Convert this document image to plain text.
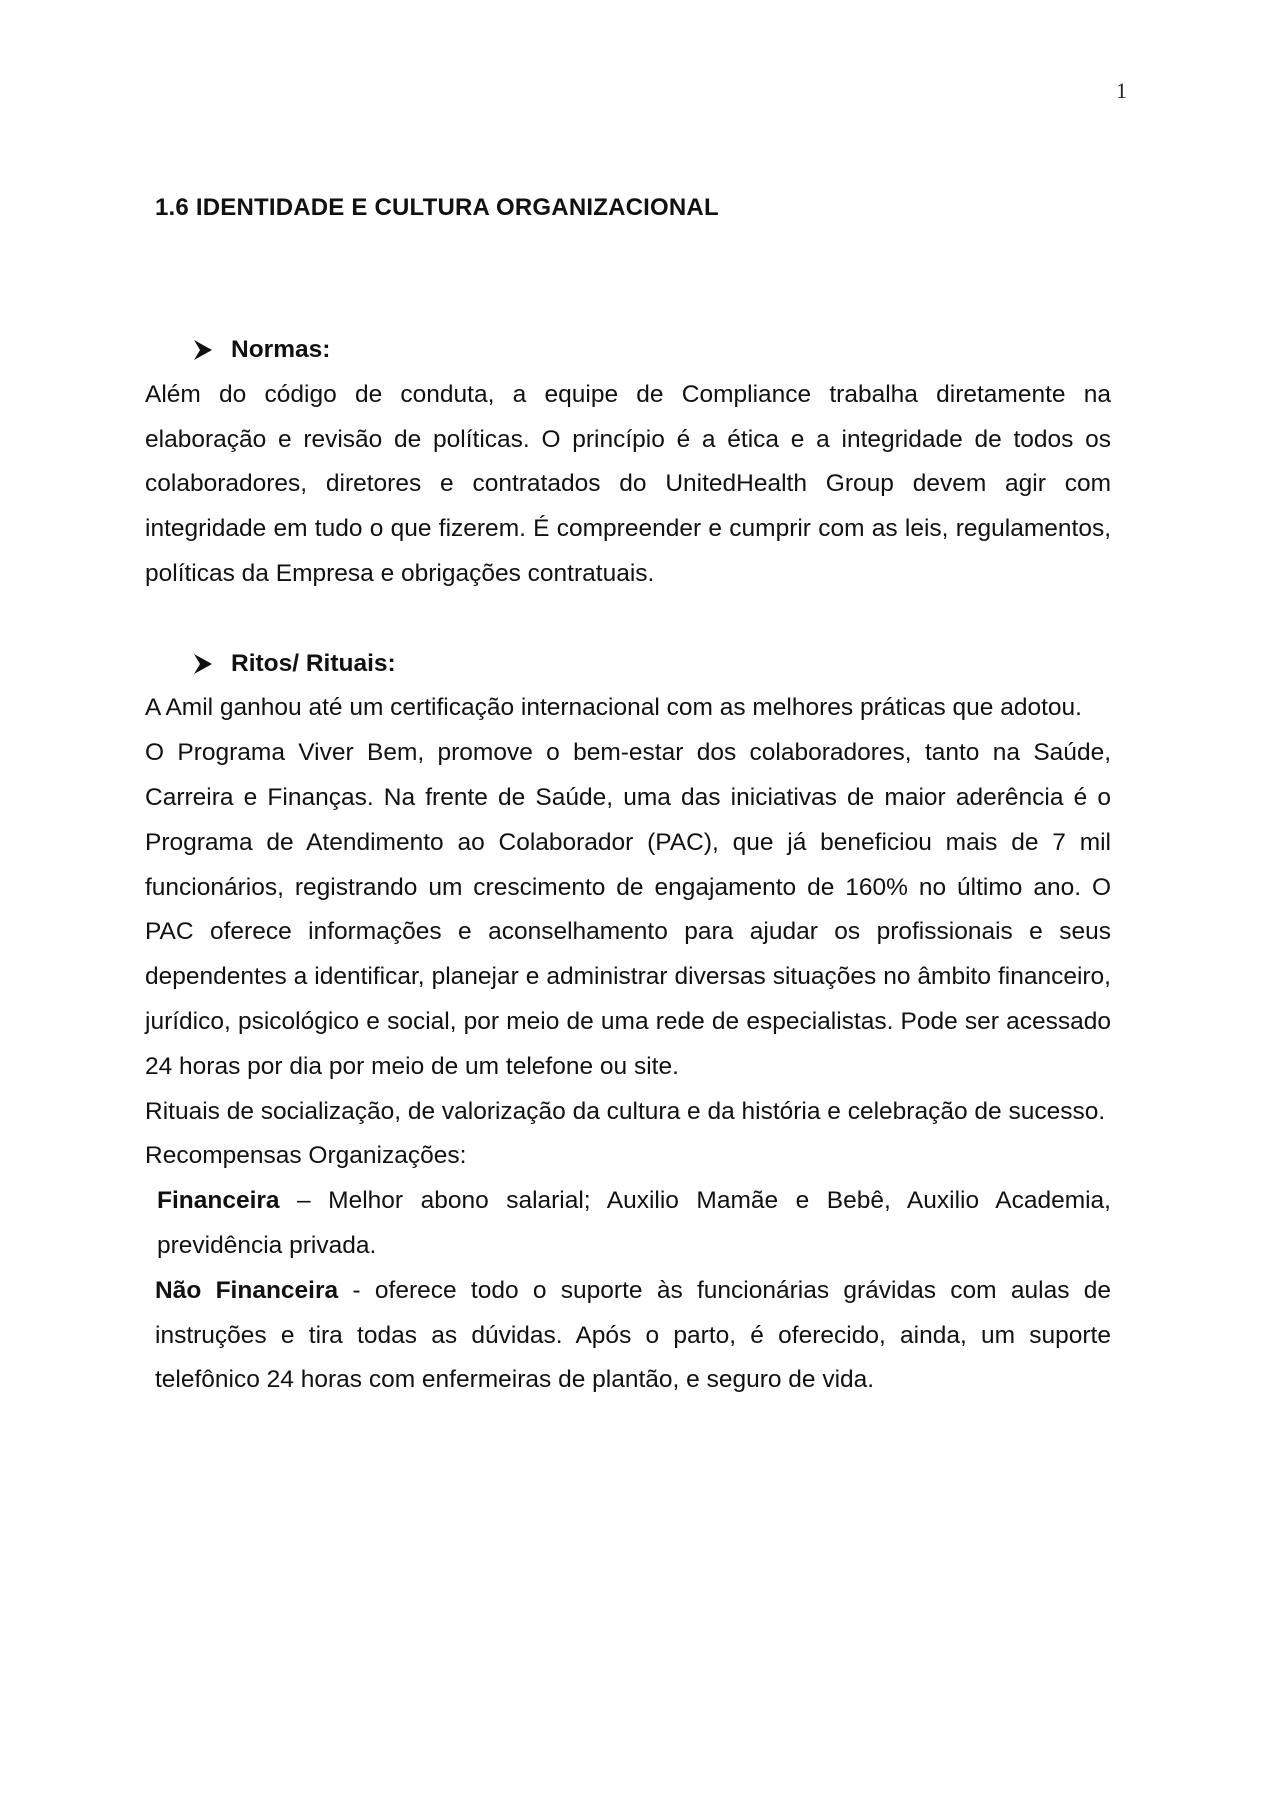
1
1.6 IDENTIDADE E CULTURA ORGANIZACIONAL
Normas:

Além do código de conduta, a equipe de Compliance trabalha diretamente na elaboração e revisão de políticas. O princípio é a ética e a integridade de todos os colaboradores, diretores e contratados do UnitedHealth Group devem agir com integridade em tudo o que fizerem. É compreender e cumprir com as leis, regulamentos, políticas da Empresa e obrigações contratuais.

Ritos/ Rituais:

A Amil ganhou até um certificação internacional com as melhores práticas que adotou.

O Programa Viver Bem, promove o bem-estar dos colaboradores, tanto na Saúde, Carreira e Finanças. Na frente de Saúde, uma das iniciativas de maior aderência é o Programa de Atendimento ao Colaborador (PAC), que já beneficiou mais de 7 mil funcionários, registrando um crescimento de engajamento de 160% no último ano. O PAC oferece informações e aconselhamento para ajudar os profissionais e seus dependentes a identificar, planejar e administrar diversas situações no âmbito financeiro, jurídico, psicológico e social, por meio de uma rede de especialistas. Pode ser acessado 24 horas por dia por meio de um telefone ou site.

Rituais de socialização, de valorização da cultura e da história e celebração de sucesso.

Recompensas Organizações:

Financeira – Melhor abono salarial; Auxilio Mamãe e Bebê, Auxilio Academia, previdência privada.

Não Financeira - oferece todo o suporte às funcionárias grávidas com aulas de instruções e tira todas as dúvidas. Após o parto, é oferecido, ainda, um suporte telefônico 24 horas com enfermeiras de plantão, e seguro de vida.
